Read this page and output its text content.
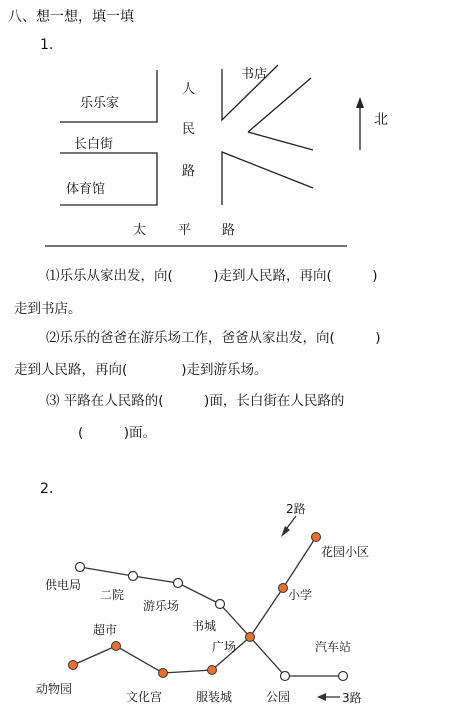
八、想一想，填一填
1.
乐乐家
长白街
体育馆
书店
人
民
路
太 平 路
北
⑴乐乐从家出发，向(　　　)走到人民路，再向(　　　)
走到书店。
⑵乐乐的爸爸在游乐场工作，爸爸从家出发，向(　　　)
走到人民路，再向(　　　　)走到游乐场。
⑶ 平路在人民路的(　　　)面，长白街在人民路的
(　　　)面。
2.
2路
花园小区
小学
供电局
二院
游乐场
书城
广场	汽车站
超市
动物园
文化宫	服装城	公园	3路
